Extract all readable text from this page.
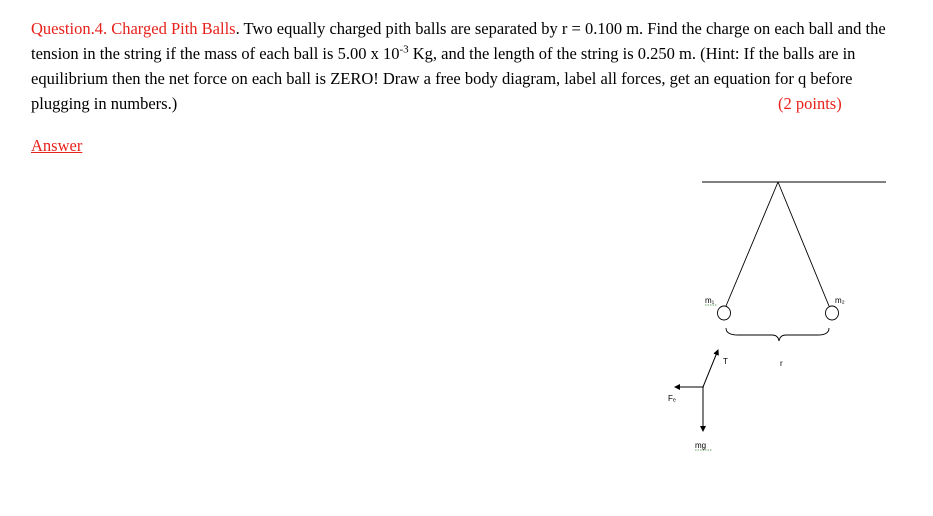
Question.4. Charged Pith Balls. Two equally charged pith balls are separated by r = 0.100 m. Find the charge on each ball and the tension in the string if the mass of each ball is 5.00 x $10^{-3}$ Kg, and the length of the string is 0.250 m. (Hint: If the balls are in equilibrium then the net force on each ball is ZERO! Draw a free body diagram, label all forces, get an equation for q before plugging in numbers.)	(2 points)
Answer
m₁	m₂
r
T
Fₑ
mg
